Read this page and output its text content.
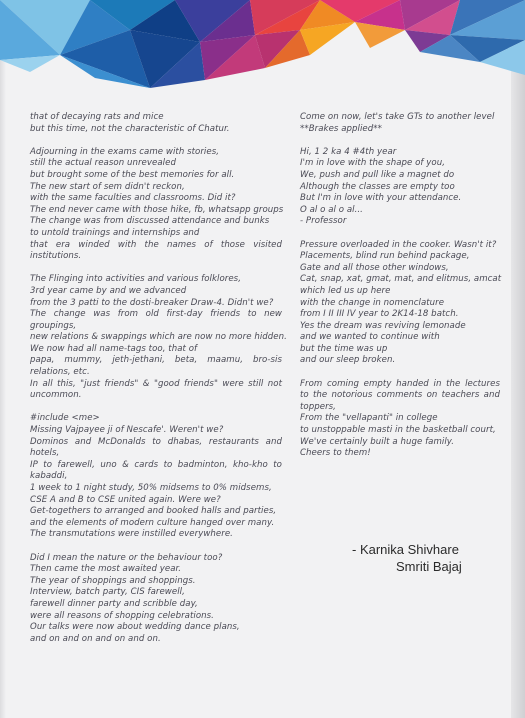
that of decaying rats and mice
but this time, not the characteristic of Chatur.
Adjourning in the exams came with stories,
still the actual reason unrevealed
but brought some of the best memories for all.
The new start of sem didn't reckon,
with the same faculties and classrooms. Did it?
The end never came with those hike, fb, whatsapp groups
The change was from discussed attendance and bunks
to untold trainings and internships and
that era winded with the names of those visited institutions.
The Flinging into activities and various folklores,
3rd year came by and we advanced
from the 3 patti to the dosti-breaker Draw-4. Didn't we?
The change was from old first-day friends to new groupings,
new relations & swappings which are now no more hidden.
We now had all name-tags too, that of
papa, mummy, jeth-jethani, beta, maamu, bro-sis relations, etc.
In all this, "just friends" & "good friends" were still not uncommon.
#include <me>
Missing Vajpayee ji of Nescafe'. Weren't we?
Dominos and McDonalds to dhabas, restaurants and hotels,
IP to farewell, uno & cards to badminton, kho-kho to kabaddi,
1 week to 1 night study, 50% midsems to 0% midsems,
CSE A and B to CSE united again. Were we?
Get-togethers to arranged and booked halls and parties,
and the elements of modern culture hanged over many.
The transmutations were instilled everywhere.
Did I mean the nature or the behaviour too?
Then came the most awaited year.
The year of shoppings and shoppings.
Interview, batch party, CIS farewell,
farewell dinner party and scribble day,
were all reasons of shopping celebrations.
Our talks were now about wedding dance plans,
and on and on and on and on.
Come on now, let's take GTs to another level
**Brakes applied**
Hi, 1 2 ka 4 #4th year
I'm in love with the shape of you,
We, push and pull like a magnet do
Although the classes are empty too
But I'm in love with your attendance.
O al o al o al...
- Professor
Pressure overloaded in the cooker. Wasn't it?
Placements, blind run behind package,
Gate and all those other windows,
Cat, snap, xat, gmat, mat, and elitmus, amcat
which led us up here
with the change in nomenclature
from I II III IV year to 2K14-18 batch.
Yes the dream was reviving lemonade
and we wanted to continue with
but the time was up
and our sleep broken.
From coming empty handed in the lectures to the notorious comments on teachers and toppers,
From the "vellapanti" in college
to unstoppable masti in the basketball court,
We've certainly built a huge family.
Cheers to them!
- Karnika Shivhare
Smriti Bajaj
